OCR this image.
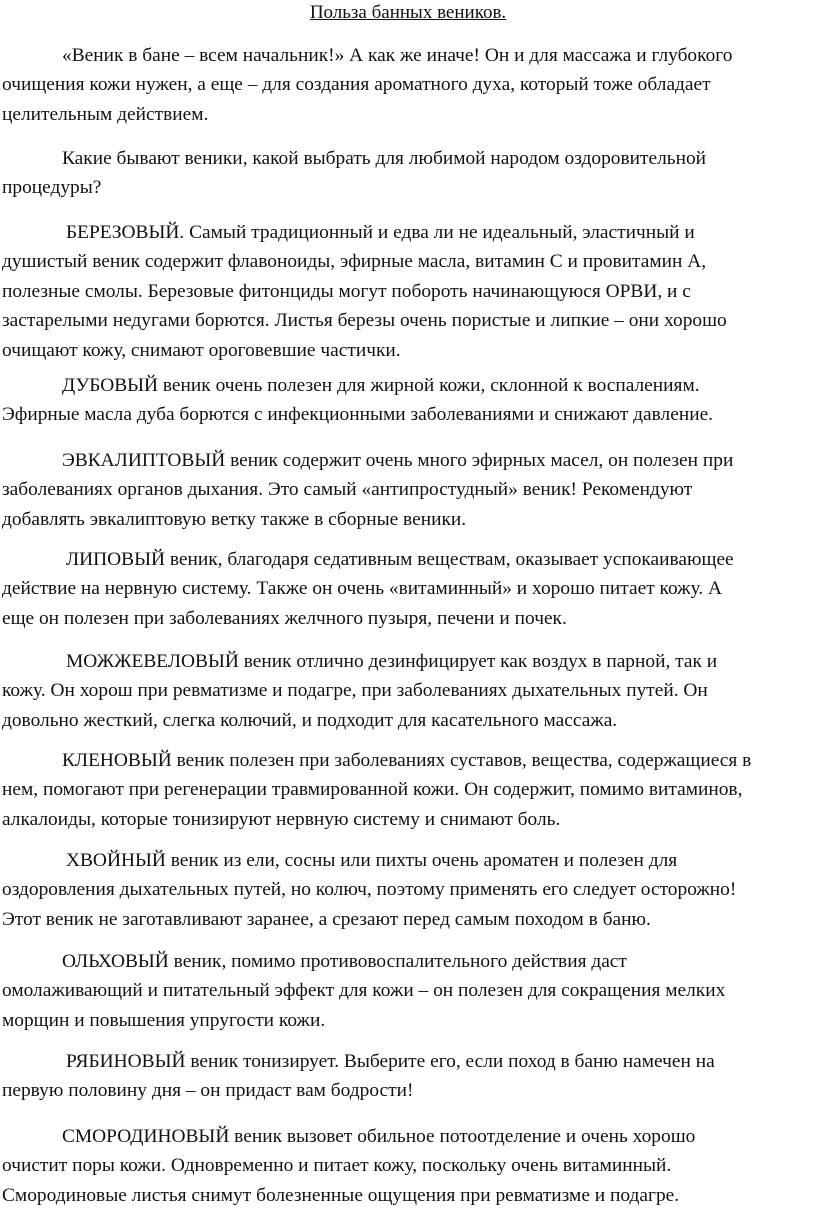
Польза банных веников.
«Веник в бане – всем начальник!» А как же иначе! Он и для массажа и глубокого
очищения кожи нужен, а еще – для создания ароматного духа, который тоже обладает
целительным действием.
Какие бывают веники, какой выбрать для любимой народом оздоровительной
процедуры?
БЕРЕЗОВЫЙ. Самый традиционный и едва ли не идеальный, эластичный и
душистый веник содержит флавоноиды, эфирные масла, витамин С и провитамин А,
полезные смолы. Березовые фитонциды могут побороть начинающуюся ОРВИ, и с
застарелыми недугами борются. Листья березы очень пористые и липкие – они хорошо
очищают кожу, снимают ороговевшие частички.
ДУБОВЫЙ веник очень полезен для жирной кожи, склонной к воспалениям.
Эфирные масла дуба борются с инфекционными заболеваниями и снижают давление.
ЭВКАЛИПТОВЫЙ веник содержит очень много эфирных масел, он полезен при
заболеваниях органов дыхания. Это самый «антипростудный» веник! Рекомендуют
добавлять эвкалиптовую ветку также в сборные веники.
ЛИПОВЫЙ веник, благодаря седативным веществам, оказывает успокаивающее
действие на нервную систему. Также он очень «витаминный» и хорошо питает кожу. А
еще он полезен при заболеваниях желчного пузыря, печени и почек.
МОЖЖЕВЕЛОВЫЙ веник отлично дезинфицирует как воздух в парной, так и
кожу. Он хорош при ревматизме и подагре, при заболеваниях дыхательных путей. Он
довольно жесткий, слегка колючий, и подходит для касательного массажа.
КЛЕНОВЫЙ веник полезен при заболеваниях суставов, вещества, содержащиеся в
нем, помогают при регенерации травмированной кожи. Он содержит, помимо витаминов,
алкалоиды, которые тонизируют нервную систему и снимают боль.
ХВОЙНЫЙ веник из ели, сосны или пихты очень ароматен и полезен для
оздоровления дыхательных путей, но колюч, поэтому применять его следует осторожно!
Этот веник не заготавливают заранее, а срезают перед самым походом в баню.
ОЛЬХОВЫЙ веник, помимо противовоспалительного действия даст
омолаживающий и питательный эффект для кожи – он полезен для сокращения мелких
морщин и повышения упругости кожи.
РЯБИНОВЫЙ веник тонизирует. Выберите его, если поход в баню намечен на
первую половину дня – он придаст вам бодрости!
СМОРОДИНОВЫЙ веник вызовет обильное потоотделение и очень хорошо
очистит поры кожи. Одновременно и питает кожу, поскольку очень витаминный.
Смородиновые листья снимут болезненные ощущения при ревматизме и подагре.
